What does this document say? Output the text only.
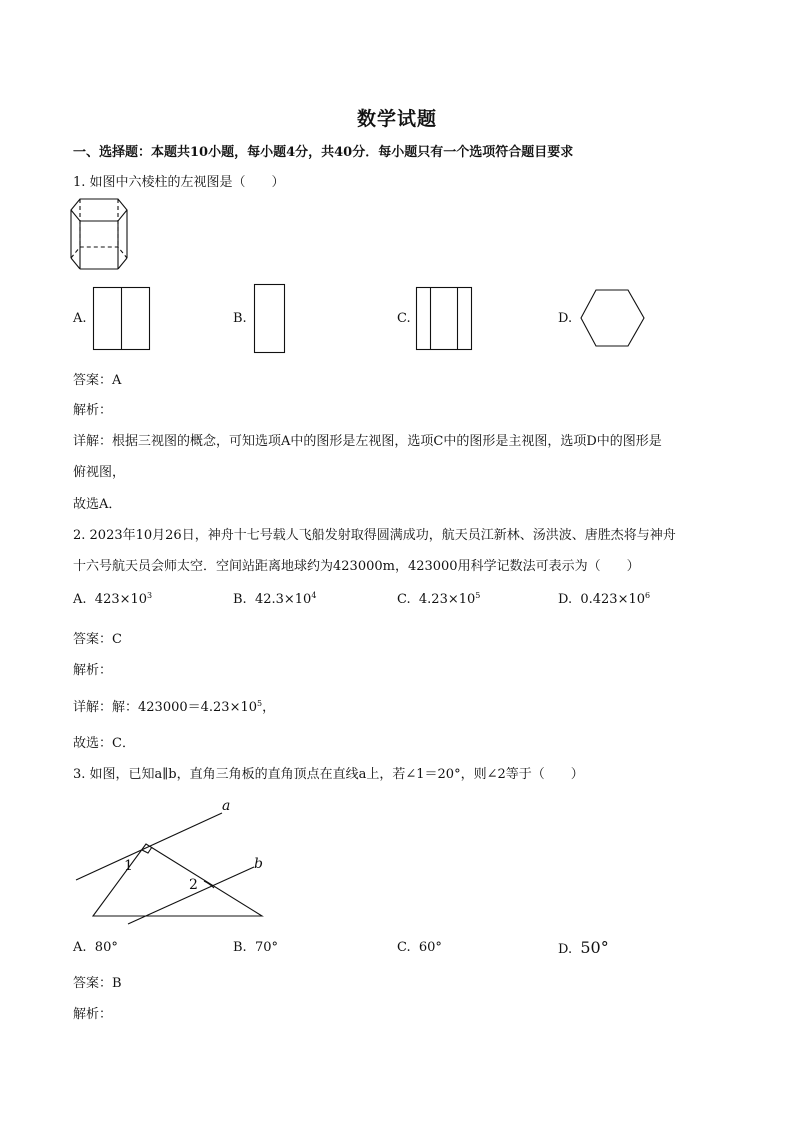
数学试题
一、选择题：本题共10小题，每小题4分，共40分．每小题只有一个选项符合题目要求
1. 如图中六棱柱的左视图是（　　）
A.	B.	C.	D.
答案：A
解析：
详解：根据三视图的概念，可知选项A中的图形是左视图，选项C中的图形是主视图，选项D中的图形是
俯视图，
故选A．
2. 2023年10月26日，神舟十七号载人飞船发射取得圆满成功，航天员江新林、汤洪波、唐胜杰将与神舟
十六号航天员会师太空．空间站距离地球约为423000m，423000用科学记数法可表示为（　　）
A. $423\times 10^3$	B. $42.3\times 10^4$	C. $4.23\times 10^5$	D. $0.423\times 10^6$
答案：C
解析：
详解：解：$423000=4.23\times 10^5$，
故选：C．
3. 如图，已知a∥b，直角三角板的直角顶点在直线a上，若∠1＝20°，则∠2等于（　　）
a
b
1
2
A. 80°	B. 70°	C. 60°	D. 50°
答案：B
解析：
